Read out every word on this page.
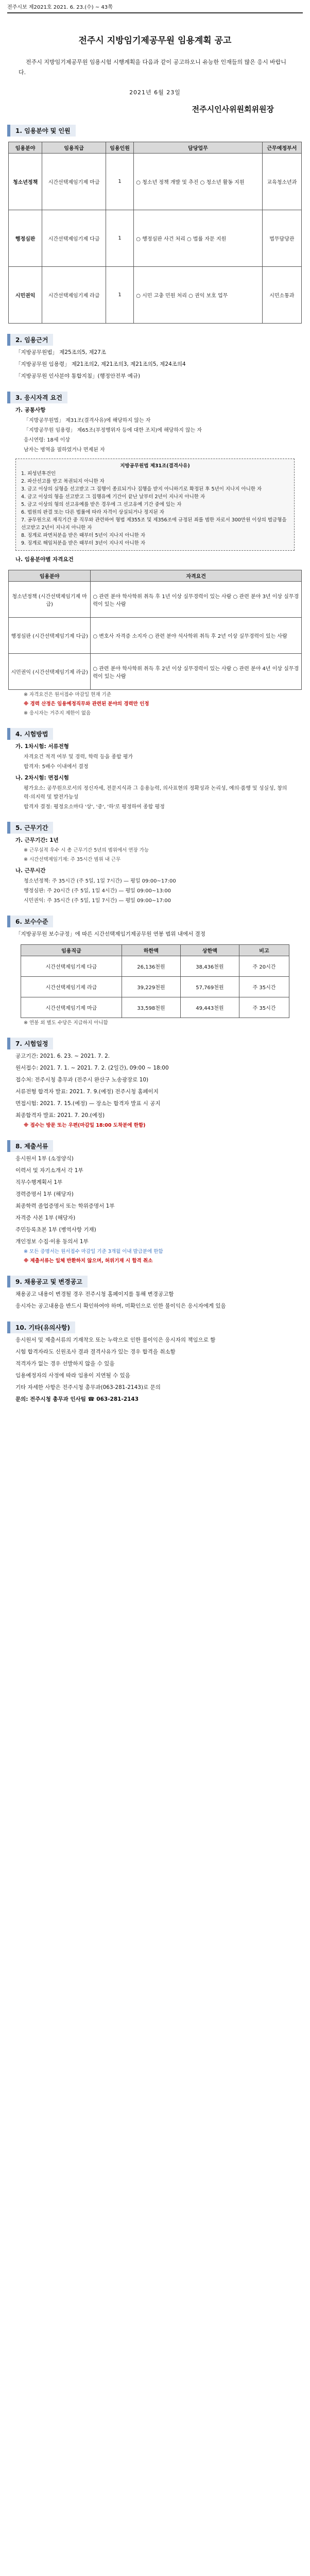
전주시보 제2021호 2021. 6. 23.(수) ~ 43쪽
전주시 지방임기제공무원 임용계획 공고
전주시 지방임기제공무원 임용시험 시행계획을 다음과 같이 공고하오니 유능한 인재들의 많은 응시 바랍니다.
2021년 6월 23일
전주시인사위원회위원장
1. 임용분야 및 인원
임용분야	임용직급	임용인원	담당업무	근무예정부서
청소년정책	시간선택제임기제 마급	1	○ 청소년 정책 개발 및 추진 ○ 청소년 활동 지원	교육청소년과
행정심판	시간선택제임기제 다급	1	○ 행정심판 사건 처리 ○ 법률 자문 지원	법무담당관
시민권익	시간선택제임기제 라급	1	○ 시민 고충 민원 처리 ○ 권익 보호 업무	시민소통과
2. 임용근거
「지방공무원법」 제25조의5, 제27조
「지방공무원 임용령」 제21조의2, 제21조의3, 제21조의5, 제24조의4
「지방공무원 인사분야 통합지침」(행정안전부 예규)
3. 응시자격 요건
가. 공통사항
「지방공무원법」 제31조(결격사유)에 해당하지 않는 자
「지방공무원 임용령」 제65조(부정행위자 등에 대한 조치)에 해당하지 않는 자
응시연령: 18세 이상
남자는 병역을 필하였거나 면제된 자
지방공무원법 제31조(결격사유)
1. 피성년후견인
2. 파산선고를 받고 복권되지 아니한 자
3. 금고 이상의 실형을 선고받고 그 집행이 종료되거나 집행을 받지 아니하기로 확정된 후 5년이 지나지 아니한 자
4. 금고 이상의 형을 선고받고 그 집행유예 기간이 끝난 날부터 2년이 지나지 아니한 자
5. 금고 이상의 형의 선고유예를 받은 경우에 그 선고유예 기간 중에 있는 자
6. 법원의 판결 또는 다른 법률에 따라 자격이 상실되거나 정지된 자
7. 공무원으로 재직기간 중 직무와 관련하여 형법 제355조 및 제356조에 규정된 죄를 범한 자로서 300만원 이상의 벌금형을 선고받고 2년이 지나지 아니한 자
8. 징계로 파면처분을 받은 때부터 5년이 지나지 아니한 자
9. 징계로 해임처분을 받은 때부터 3년이 지나지 아니한 자
나. 임용분야별 자격요건
임용분야	자격요건
청소년정책 (시간선택제임기제 마급)	○ 관련 분야 학사학위 취득 후 1년 이상 실무경력이 있는 사람 ○ 관련 분야 3년 이상 실무경력이 있는 사람
행정심판 (시간선택제임기제 다급)	○ 변호사 자격증 소지자 ○ 관련 분야 석사학위 취득 후 2년 이상 실무경력이 있는 사람
시민권익 (시간선택제임기제 라급)	○ 관련 분야 학사학위 취득 후 2년 이상 실무경력이 있는 사람 ○ 관련 분야 4년 이상 실무경력이 있는 사람
※ 자격요건은 원서접수 마감일 현재 기준
※ 경력 산정은 임용예정직무와 관련된 분야의 경력만 인정
※ 응시자는 거주지 제한이 없음
4. 시험방법
가. 1차시험: 서류전형
자격요건 적격 여부 및 경력, 학력 등을 종합 평가
합격자: 5배수 이내에서 결정
나. 2차시험: 면접시험
평가요소: 공무원으로서의 정신자세, 전문지식과 그 응용능력, 의사표현의 정확성과 논리성, 예의·품행 및 성실성, 창의력·의지력 및 발전가능성
합격자 결정: 평정요소마다 '상', '중', '하'로 평정하여 종합 평정
5. 근무기간
가. 근무기간: 1년
※ 근무실적 우수 시 총 근무기간 5년의 범위에서 연장 가능
※ 시간선택제임기제: 주 35시간 범위 내 근무
나. 근무시간
청소년정책: 주 35시간 (주 5일, 1일 7시간) — 평일 09:00~17:00
행정심판: 주 20시간 (주 5일, 1일 4시간) — 평일 09:00~13:00
시민권익: 주 35시간 (주 5일, 1일 7시간) — 평일 09:00~17:00
6. 보수수준
「지방공무원 보수규정」에 따른 시간선택제임기제공무원 연봉 범위 내에서 결정
임용직급	하한액	상한액	비고
시간선택제임기제 다급	26,136천원	38,436천원	주 20시간
시간선택제임기제 라급	39,229천원	57,769천원	주 35시간
시간선택제임기제 마급	33,598천원	49,443천원	주 35시간
※ 연봉 외 별도 수당은 지급하지 아니함
7. 시험일정
공고기간: 2021. 6. 23. ~ 2021. 7. 2.
원서접수: 2021. 7. 1. ~ 2021. 7. 2. (2일간), 09:00 ~ 18:00
접수처: 전주시청 총무과 (전주시 완산구 노송광장로 10)
서류전형 합격자 발표: 2021. 7. 9.(예정) 전주시청 홈페이지
면접시험: 2021. 7. 15.(예정) — 장소는 합격자 발표 시 공지
최종합격자 발표: 2021. 7. 20.(예정)
※ 접수는 방문 또는 우편(마감일 18:00 도착분에 한함)
8. 제출서류
응시원서 1부 (소정양식)
이력서 및 자기소개서 각 1부
직무수행계획서 1부
경력증명서 1부 (해당자)
최종학력 졸업증명서 또는 학위증명서 1부
자격증 사본 1부 (해당자)
주민등록초본 1부 (병역사항 기재)
개인정보 수집·이용 동의서 1부
※ 모든 증명서는 원서접수 마감일 기준 3개월 이내 발급분에 한함
※ 제출서류는 일체 반환하지 않으며, 허위기재 시 합격 취소
9. 채용공고 및 변경공고
채용공고 내용이 변경될 경우 전주시청 홈페이지를 통해 변경공고함
응시자는 공고내용을 반드시 확인하여야 하며, 미확인으로 인한 불이익은 응시자에게 있음
10. 기타(유의사항)
응시원서 및 제출서류의 기재착오 또는 누락으로 인한 불이익은 응시자의 책임으로 함
시험 합격자라도 신원조사 결과 결격사유가 있는 경우 합격을 취소함
적격자가 없는 경우 선발하지 않을 수 있음
임용예정자의 사정에 따라 임용이 지연될 수 있음
기타 자세한 사항은 전주시청 총무과(063-281-2143)로 문의
문의: 전주시청 총무과 인사팀 ☎ 063-281-2143
